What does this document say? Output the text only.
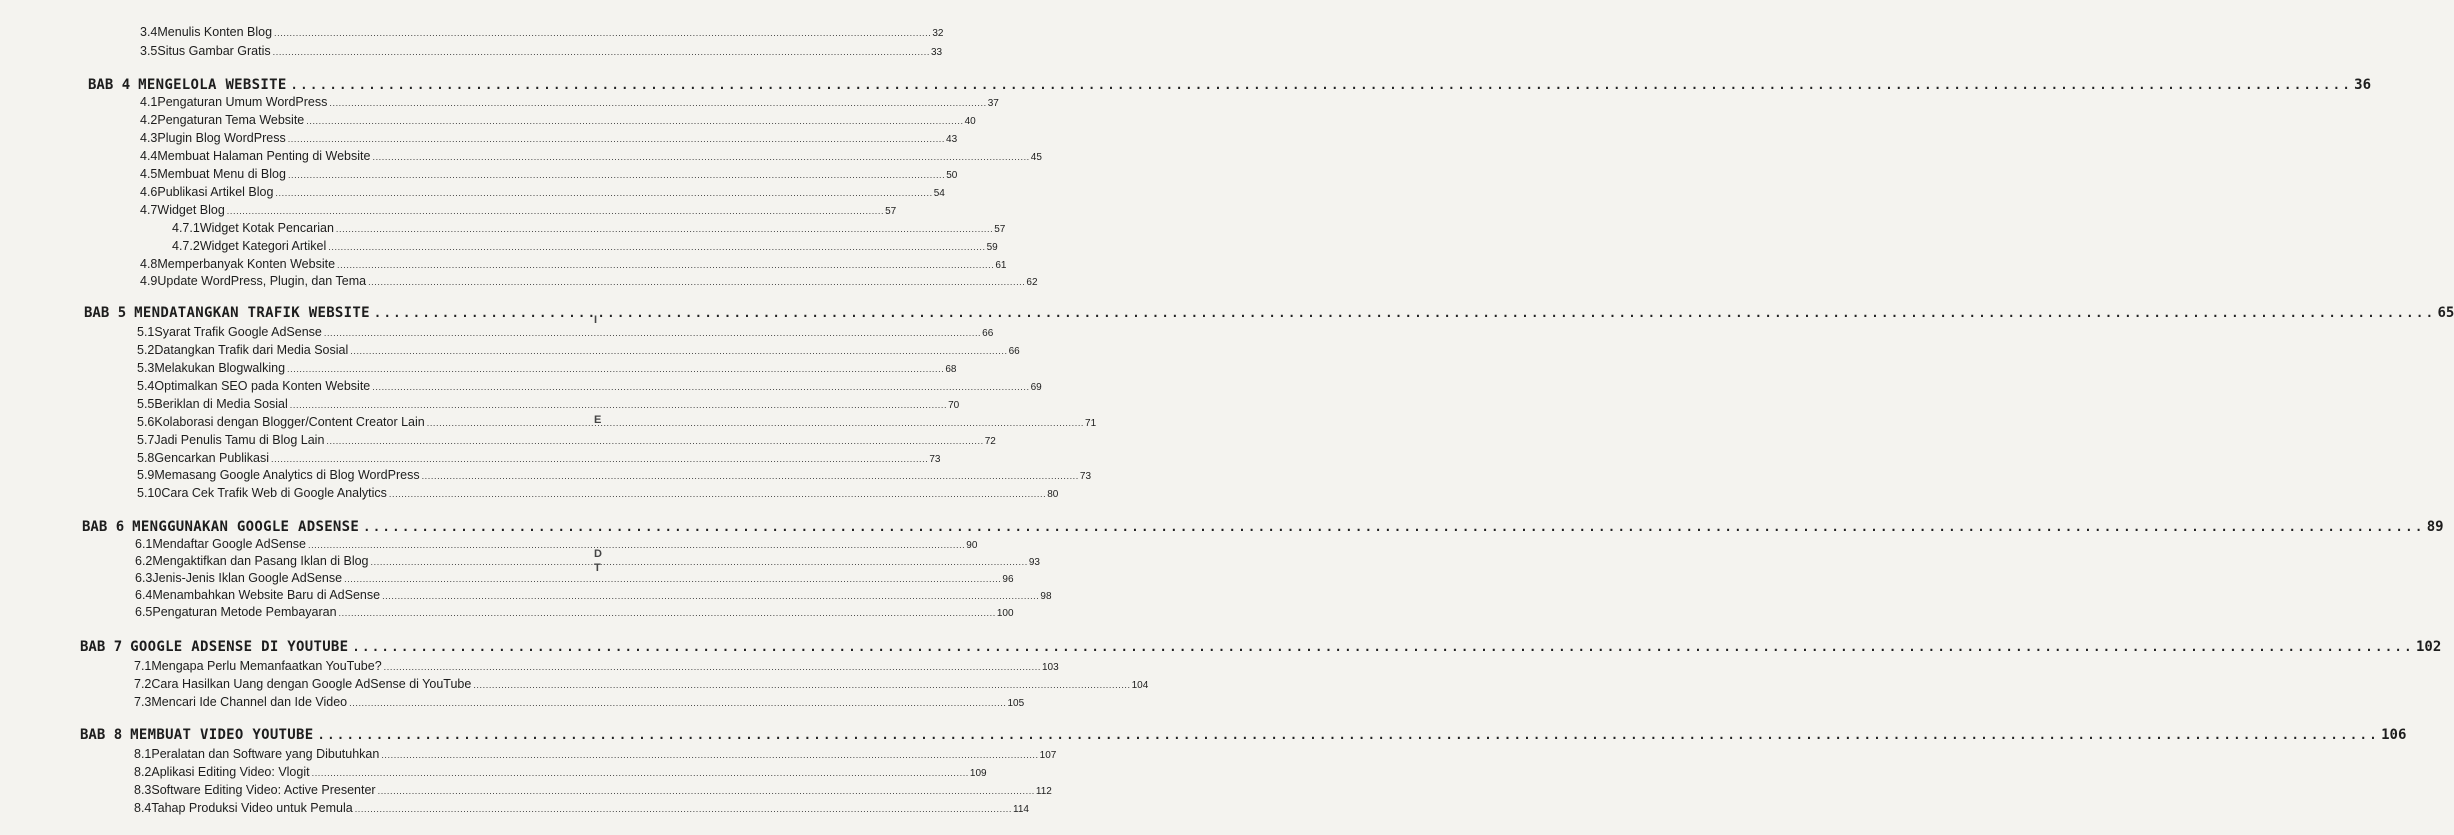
3.4 Menulis Konten Blog .....	32
3.5 Situs Gambar Gratis .....	33
BAB 4 MENGELOLA WEBSITE .....	36
4.1 Pengaturan Umum WordPress .....	37
4.2 Pengaturan Tema Website .....	40
4.3 Plugin Blog WordPress .....	43
4.4 Membuat Halaman Penting di Website .....	45
4.5 Membuat Menu di Blog .....	50
4.6 Publikasi Artikel Blog .....	54
4.7 Widget Blog .....	57
4.7.1 Widget Kotak Pencarian .....	57
4.7.2 Widget Kategori Artikel .....	59
4.8 Memperbanyak Konten Website .....	61
4.9 Update WordPress, Plugin, dan Tema .....	62
BAB 5 MENDATANGKAN TRAFIK WEBSITE .....	65
5.1 Syarat Trafik Google AdSense .....	66
5.2 Datangkan Trafik dari Media Sosial .....	66
5.3 Melakukan Blogwalking .....	68
5.4 Optimalkan SEO pada Konten Website .....	69
5.5 Beriklan di Media Sosial .....	70
5.6 Kolaborasi dengan Blogger/Content Creator Lain .....	71
5.7 Jadi Penulis Tamu di Blog Lain .....	72
5.8 Gencarkan Publikasi .....	73
5.9 Memasang Google Analytics di Blog WordPress .....	73
5.10 Cara Cek Trafik Web di Google Analytics .....	80
BAB 6 MENGGUNAKAN GOOGLE ADSENSE .....	89
6.1 Mendaftar Google AdSense .....	90
6.2 Mengaktifkan dan Pasang Iklan di Blog .....	93
6.3 Jenis-Jenis Iklan Google AdSense .....	96
6.4 Menambahkan Website Baru di AdSense .....	98
6.5 Pengaturan Metode Pembayaran .....	100
BAB 7 GOOGLE ADSENSE DI YOUTUBE .....	102
7.1 Mengapa Perlu Memanfaatkan YouTube? .....	103
7.2 Cara Hasilkan Uang dengan Google AdSense di YouTube .....	104
7.3 Mencari Ide Channel dan Ide Video .....	105
BAB 8 MEMBUAT VIDEO YOUTUBE .....	106
8.1 Peralatan dan Software yang Dibutuhkan .....	107
8.2 Aplikasi Editing Video: Vlogit .....	109
8.3 Software Editing Video: Active Presenter .....	112
8.4 Tahap Produksi Video untuk Pemula .....	114
I
E
D
T
